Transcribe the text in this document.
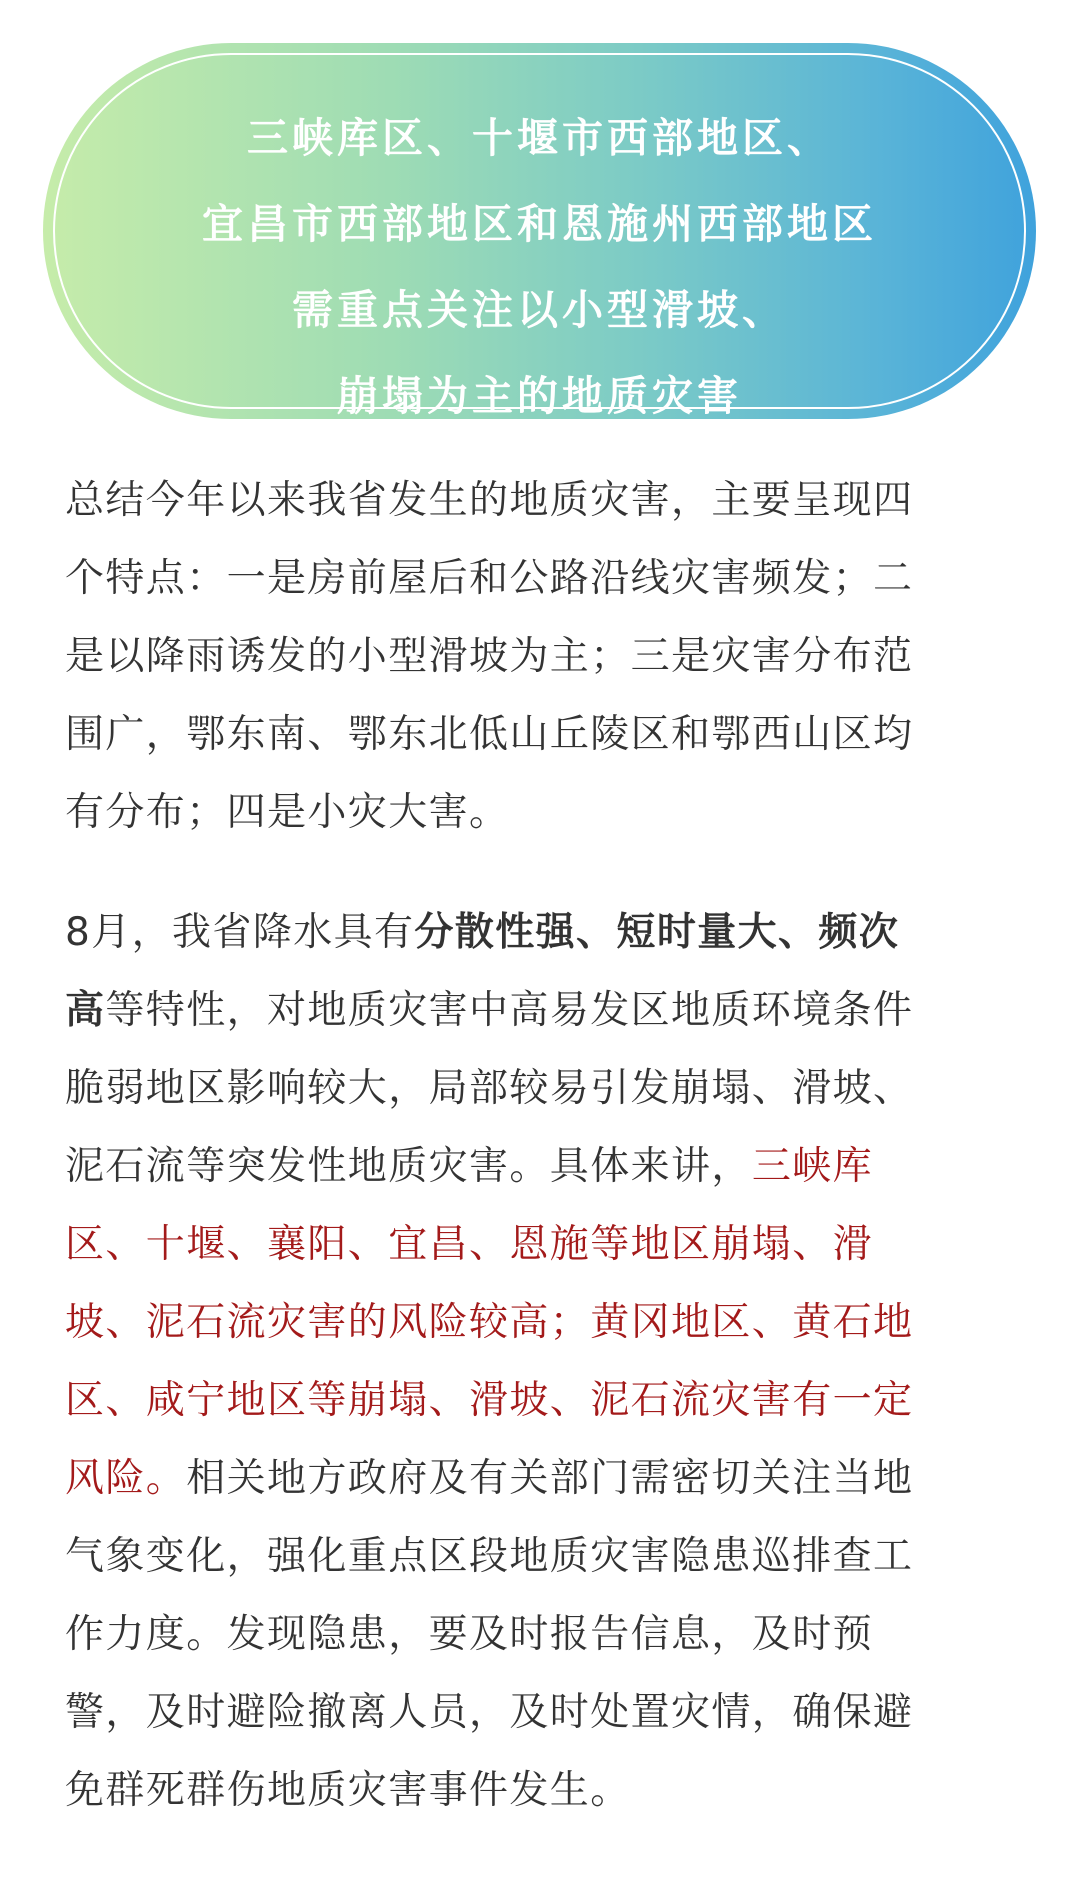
三峡库区、十堰市西部地区、
宜昌市西部地区和恩施州西部地区
需重点关注以小型滑坡、
崩塌为主的地质灾害
总结今年以来我省发生的地质灾害，主要呈现四
个特点：一是房前屋后和公路沿线灾害频发；二
是以降雨诱发的小型滑坡为主；三是灾害分布范
围广，鄂东南、鄂东北低山丘陵区和鄂西山区均
有分布；四是小灾大害。
8月，我省降水具有分散性强、短时量大、频次
高等特性，对地质灾害中高易发区地质环境条件
脆弱地区影响较大，局部较易引发崩塌、滑坡、
泥石流等突发性地质灾害。具体来讲，三峡库
区、十堰、襄阳、宜昌、恩施等地区崩塌、滑
坡、泥石流灾害的风险较高；黄冈地区、黄石地
区、咸宁地区等崩塌、滑坡、泥石流灾害有一定
风险。相关地方政府及有关部门需密切关注当地
气象变化，强化重点区段地质灾害隐患巡排查工
作力度。发现隐患，要及时报告信息，及时预
警，及时避险撤离人员，及时处置灾情，确保避
免群死群伤地质灾害事件发生。
